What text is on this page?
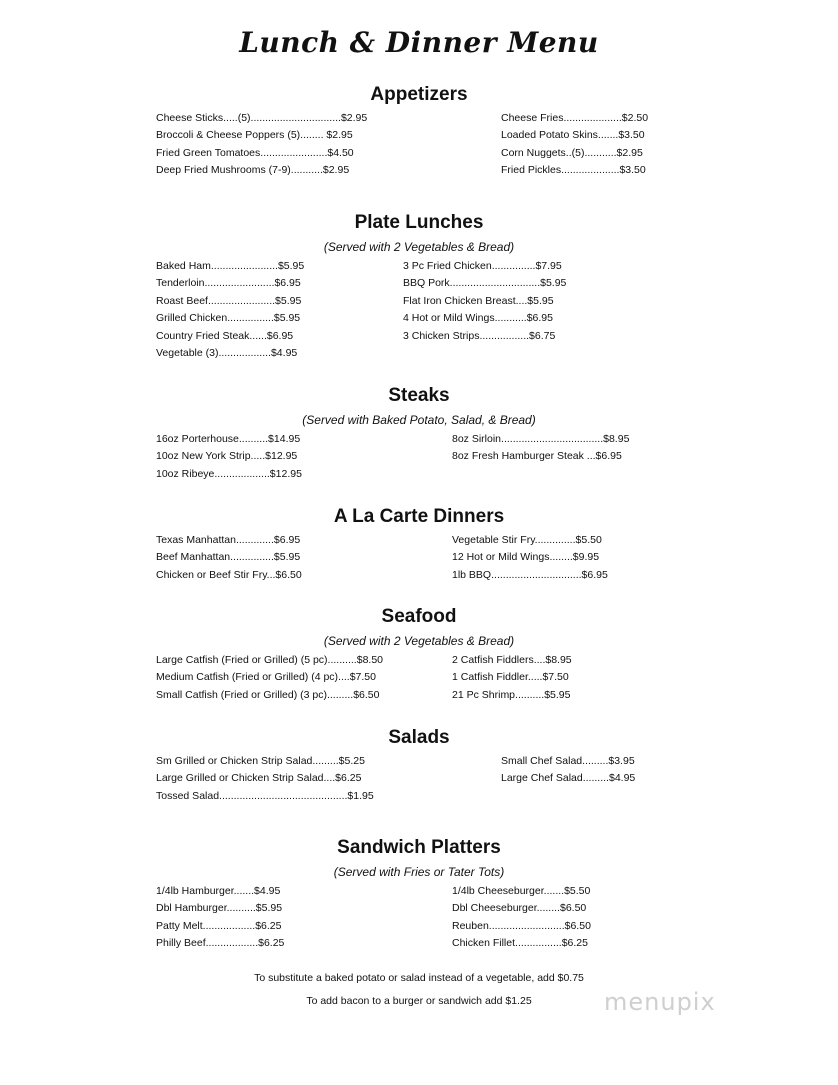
Lunch & Dinner Menu
Appetizers
Cheese Sticks.....(5)...............................$2.95
Broccoli & Cheese Poppers (5)........ $2.95
Fried Green Tomatoes.......................$4.50
Deep Fried Mushrooms (7-9)...........$2.95
Cheese Fries....................$2.50
Loaded Potato Skins.......$3.50
Corn Nuggets..(5)...........$2.95
Fried Pickles....................$3.50
Plate Lunches
(Served with 2 Vegetables & Bread)
Baked Ham.......................$5.95
Tenderloin........................$6.95
Roast Beef.......................$5.95
Grilled Chicken................$5.95
Country Fried Steak......$6.95
Vegetable (3)..................$4.95
3 Pc Fried Chicken...............$7.95
BBQ Pork...............................$5.95
Flat Iron Chicken Breast....$5.95
4 Hot or Mild Wings...........$6.95
3 Chicken Strips.................$6.75
Steaks
(Served with Baked Potato, Salad, & Bread)
16oz Porterhouse..........$14.95
10oz New York Strip.....$12.95
10oz Ribeye...................$12.95
8oz Sirloin...................................$8.95
8oz Fresh Hamburger Steak ...$6.95
A La Carte Dinners
Texas Manhattan.............$6.95
Beef Manhattan...............$5.95
Chicken or Beef Stir Fry...$6.50
Vegetable Stir Fry..............$5.50
12 Hot or Mild Wings........$9.95
1lb BBQ...............................$6.95
Seafood
(Served with 2 Vegetables & Bread)
Large Catfish (Fried or Grilled) (5 pc)..........$8.50
Medium Catfish (Fried or Grilled) (4 pc)....$7.50
Small Catfish (Fried or Grilled) (3 pc).........$6.50
2 Catfish Fiddlers....$8.95
1 Catfish Fiddler.....$7.50
21 Pc Shrimp..........$5.95
Salads
Sm Grilled or Chicken Strip Salad.........$5.25
Large Grilled or Chicken Strip Salad....$6.25
Tossed Salad............................................$1.95
Small Chef Salad.........$3.95
Large Chef Salad.........$4.95
Sandwich Platters
(Served with Fries or Tater Tots)
1/4lb Hamburger.......$4.95
Dbl Hamburger..........$5.95
Patty Melt..................$6.25
Philly Beef..................$6.25
1/4lb Cheeseburger.......$5.50
Dbl Cheeseburger........$6.50
Reuben..........................$6.50
Chicken Fillet................$6.25
To substitute a baked potato or salad instead of a vegetable, add $0.75
To add bacon to a burger or sandwich add $1.25	menupix
